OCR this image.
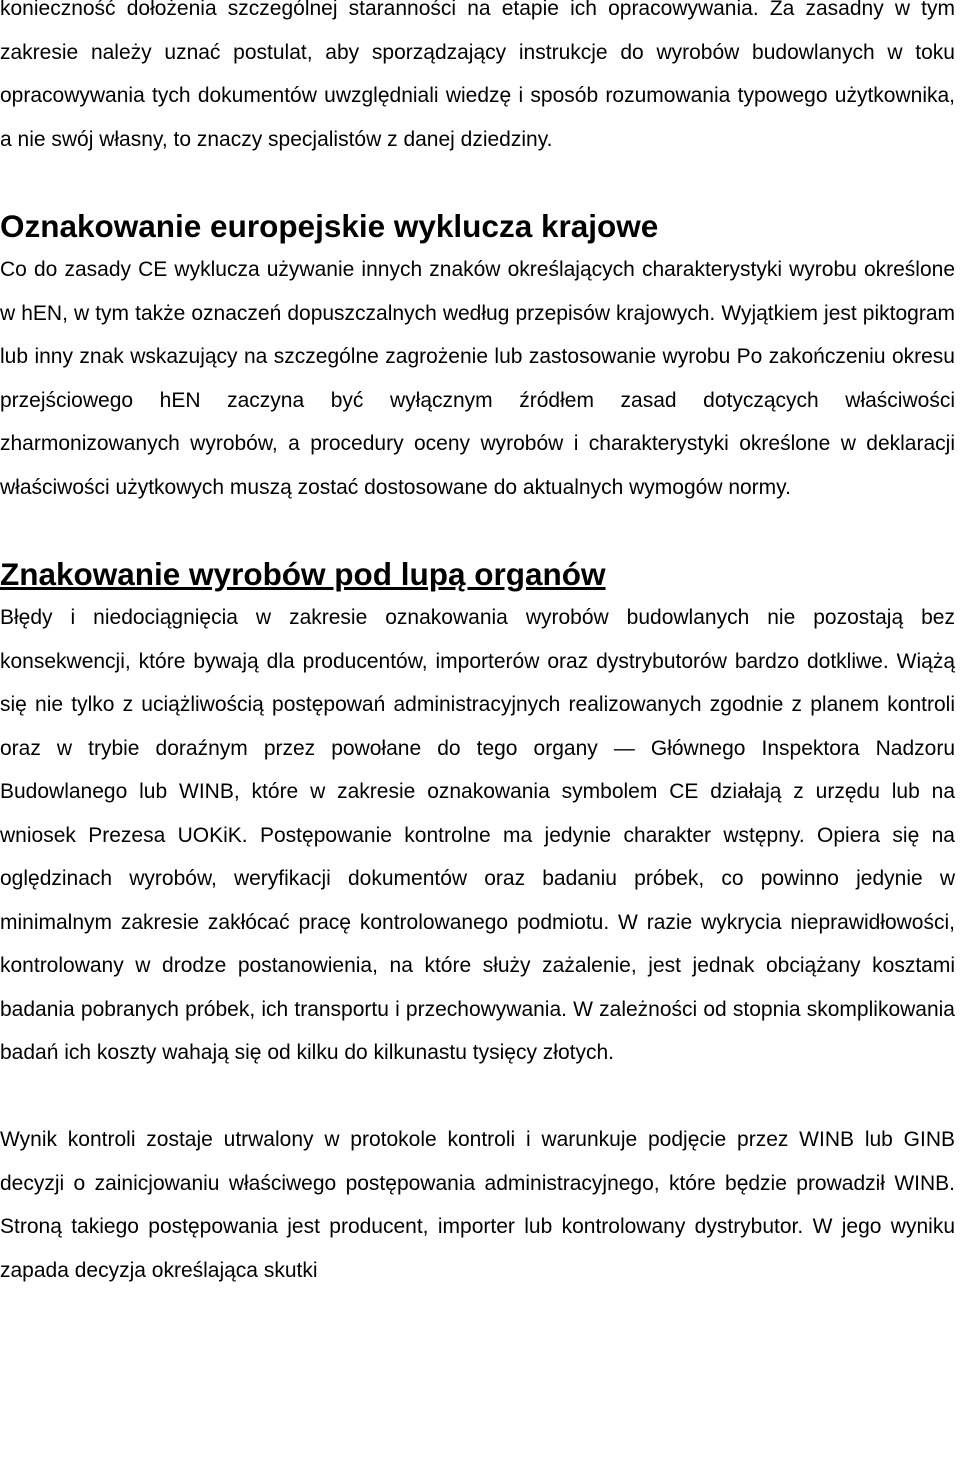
konieczność dołożenia szczególnej staranności na etapie ich opracowywania. Za zasadny w tym zakresie należy uznać postulat, aby sporządzający instrukcje do wyrobów budowlanych w toku opracowywania tych dokumentów uwzględniali wiedzę i sposób rozumowania typowego użytkownika, a nie swój własny, to znaczy specjalistów z danej dziedziny.

Oznakowanie europejskie wyklucza krajowe

Co do zasady CE wyklucza używanie innych znaków określających charakterystyki wyrobu określone w hEN, w tym także oznaczeń dopuszczalnych według przepisów krajowych. Wyjątkiem jest piktogram lub inny znak wskazujący na szczególne zagrożenie lub zastosowanie wyrobu Po zakończeniu okresu przejściowego hEN zaczyna być wyłącznym źródłem zasad dotyczących właściwości zharmonizowanych wyrobów, a procedury oceny wyrobów i charakterystyki określone w deklaracji właściwości użytkowych muszą zostać dostosowane do aktualnych wymogów normy.

Znakowanie wyrobów pod lupą organów

Błędy i niedociągnięcia w zakresie oznakowania wyrobów budowlanych nie pozostają bez konsekwencji, które bywają dla producentów, importerów oraz dystrybutorów bardzo dotkliwe. Wiążą się nie tylko z uciążliwością postępowań administracyjnych realizowanych zgodnie z planem kontroli oraz w trybie doraźnym przez powołane do tego organy — Głównego Inspektora Nadzoru Budowlanego lub WINB, które w zakresie oznakowania symbolem CE działają z urzędu lub na wniosek Prezesa UOKiK. Postępowanie kontrolne ma jedynie charakter wstępny. Opiera się na oględzinach wyrobów, weryfikacji dokumentów oraz badaniu próbek, co powinno jedynie w minimalnym zakresie zakłócać pracę kontrolowanego podmiotu. W razie wykrycia nieprawidłowości, kontrolowany w drodze postanowienia, na które służy zażalenie, jest jednak obciążany kosztami badania pobranych próbek, ich transportu i przechowywania. W zależności od stopnia skomplikowania badań ich koszty wahają się od kilku do kilkunastu tysięcy złotych.

Wynik kontroli zostaje utrwalony w protokole kontroli i warunkuje podjęcie przez WINB lub GINB decyzji o zainicjowaniu właściwego postępowania administracyjnego, które będzie prowadził WINB. Stroną takiego postępowania jest producent, importer lub kontrolowany dystrybutor. W jego wyniku zapada decyzja określająca skutki
